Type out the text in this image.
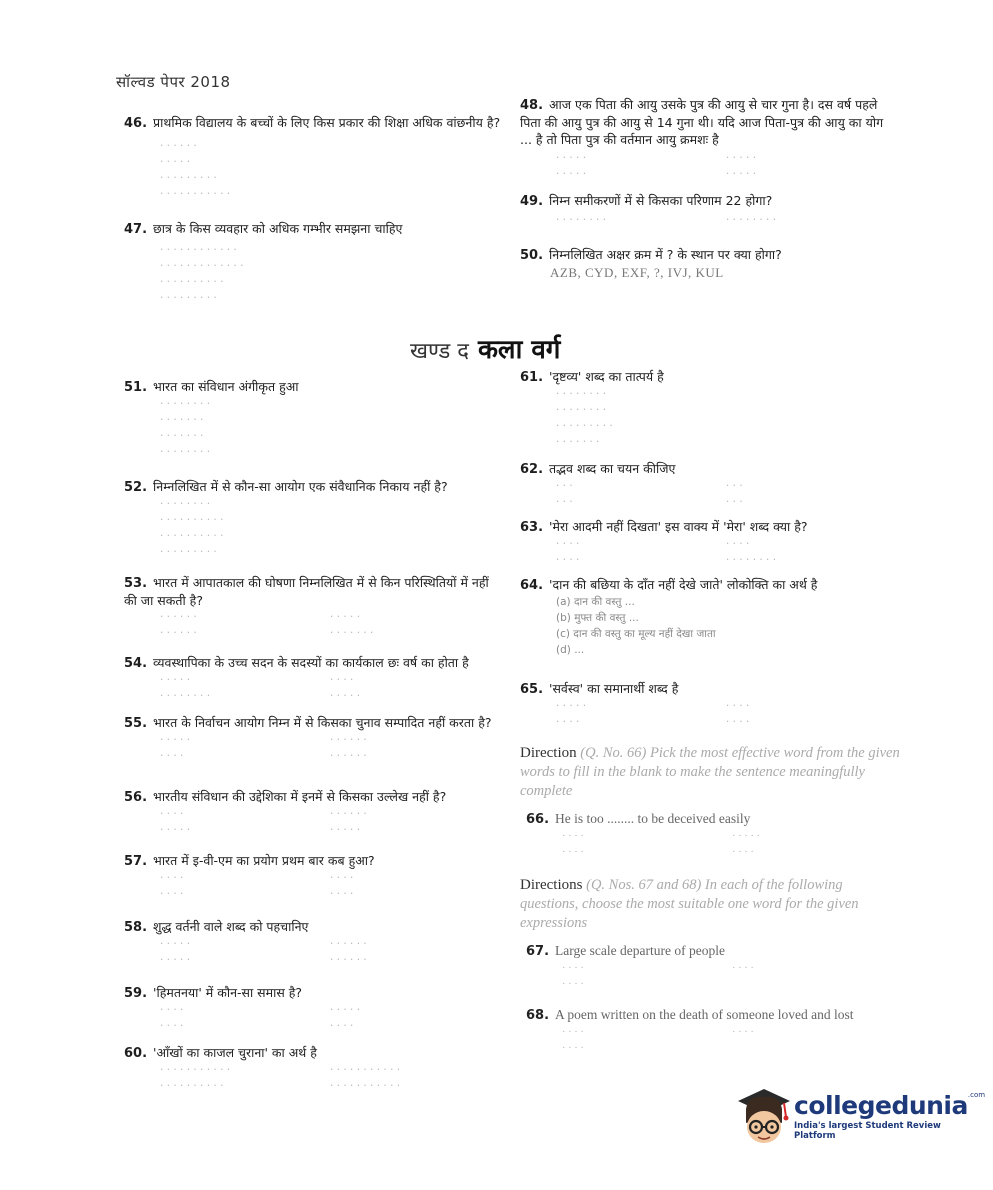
सॉल्वड पेपर 2018
46. प्राथमिक विद्यालय के बच्चों के लिए किस प्रकार की शिक्षा अधिक वांछनीय है?
· · · · · ·
· · · · ·
· · · · · · · · ·
· · · · · · · · · · ·
47. छात्र के किस व्यवहार को अधिक गम्भीर समझना चाहिए
· · · · · · · · · · · ·
· · · · · · · · · · · · ·
· · · · · · · · · ·
· · · · · · · · ·
48. आज एक पिता की आयु उसके पुत्र की आयु से चार गुना है। दस वर्ष पहले पिता की आयु पुत्र की आयु से 14 गुना थी। यदि आज पिता-पुत्र की आयु का योग ... है तो पिता पुत्र की वर्तमान आयु क्रमशः है
· · · · ·	· · · · ·
· · · · ·	· · · · ·
49. निम्न समीकरणों में से किसका परिणाम 22 होगा?
· · · · · · · ·	· · · · · · · ·
50. निम्नलिखित अक्षर क्रम में ? के स्थान पर क्या होगा?
AZB, CYD, EXF, ?, IVJ, KUL
खण्ड द कला वर्ग
51. भारत का संविधान अंगीकृत हुआ
· · · · · · · ·
· · · · · · ·
· · · · · · ·
· · · · · · · ·
52. निम्नलिखित में से कौन-सा आयोग एक संवैधानिक निकाय नहीं है?
· · · · · · · ·
· · · · · · · · · ·
· · · · · · · · · ·
· · · · · · · · ·
53. भारत में आपातकाल की घोषणा निम्नलिखित में से किन परिस्थितियों में नहीं की जा सकती है?
· · · · · ·	· · · · ·
· · · · · ·	· · · · · · ·
54. व्यवस्थापिका के उच्च सदन के सदस्यों का कार्यकाल छः वर्ष का होता है
· · · · ·	· · · ·
· · · · · · · ·	· · · · ·
55. भारत के निर्वाचन आयोग निम्न में से किसका चुनाव सम्पादित नहीं करता है?
· · · · ·	· · · · · ·
· · · ·	· · · · · ·
56. भारतीय संविधान की उद्देशिका में इनमें से किसका उल्लेख नहीं है?
· · · ·	· · · · · ·
· · · · ·	· · · · ·
57. भारत में इ-वी-एम का प्रयोग प्रथम बार कब हुआ?
· · · ·	· · · ·
· · · ·	· · · ·
58. शुद्ध वर्तनी वाले शब्द को पहचानिए
· · · · ·	· · · · · ·
· · · · ·	· · · · · ·
59. 'हिमतनया' में कौन-सा समास है?
· · · ·	· · · · ·
· · · ·	· · · ·
60. 'आँखों का काजल चुराना' का अर्थ है
· · · · · · · · · · ·	· · · · · · · · · · ·
· · · · · · · · · ·	· · · · · · · · · · ·
61. 'दृष्टव्य' शब्द का तात्पर्य है
· · · · · · · ·
· · · · · · · ·
· · · · · · · · ·
· · · · · · ·
62. तद्भव शब्द का चयन कीजिए
· · ·	· · ·
· · ·	· · ·
63. 'मेरा आदमी नहीं दिखता' इस वाक्य में 'मेरा' शब्द क्या है?
· · · ·	· · · ·
· · · ·	· · · · · · · ·
64. 'दान की बछिया के दाँत नहीं देखे जाते' लोकोक्ति का अर्थ है
(a) दान की वस्तु ...
(b) मुफ्त की वस्तु ...
(c) दान की वस्तु का मूल्य नहीं देखा जाता
(d) ...
65. 'सर्वस्व' का समानार्थी शब्द है
· · · · ·	· · · ·
· · · ·	· · · ·
Direction (Q. No. 66) Pick the most effective word from the given words to fill in the blank to make the sentence meaningfully complete
66. He is too ........ to be deceived easily
· · · ·	· · · · ·
· · · ·	· · · ·
Directions (Q. Nos. 67 and 68) In each of the following questions, choose the most suitable one word for the given expressions
67. Large scale departure of people
· · · ·	· · · ·
· · · ·
68. A poem written on the death of someone loved and lost
· · · ·	· · · ·
· · · ·
collegedunia$^{.com}$
India's largest Student Review Platform
